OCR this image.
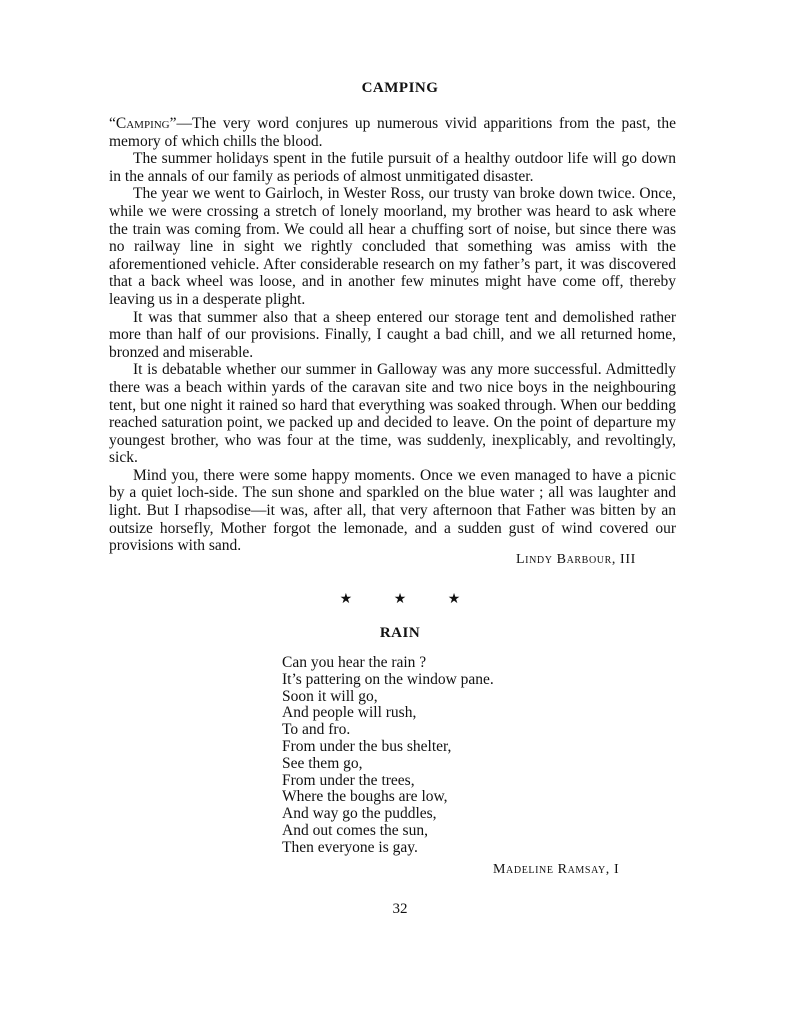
CAMPING

“Camping”—The very word conjures up numerous vivid apparitions from the past, the memory of which chills the blood.

The summer holidays spent in the futile pursuit of a healthy outdoor life will go down in the annals of our family as periods of almost unmitigated disaster.

The year we went to Gairloch, in Wester Ross, our trusty van broke down twice. Once, while we were crossing a stretch of lonely moorland, my brother was heard to ask where the train was coming from. We could all hear a chuffing sort of noise, but since there was no railway line in sight we rightly concluded that something was amiss with the aforementioned vehicle. After considerable research on my father’s part, it was discovered that a back wheel was loose, and in another few minutes might have come off, thereby leaving us in a desperate plight.

It was that summer also that a sheep entered our storage tent and demolished rather more than half of our provisions. Finally, I caught a bad chill, and we all returned home, bronzed and miserable.

It is debatable whether our summer in Galloway was any more successful. Admittedly there was a beach within yards of the caravan site and two nice boys in the neighbouring tent, but one night it rained so hard that everything was soaked through. When our bedding reached saturation point, we packed up and decided to leave. On the point of departure my youngest brother, who was four at the time, was suddenly, inexplicably, and revoltingly, sick.

Mind you, there were some happy moments. Once we even managed to have a picnic by a quiet loch-side. The sun shone and sparkled on the blue water ; all was laughter and light. But I rhapsodise—it was, after all, that very afternoon that Father was bitten by an outsize horsefly, Mother forgot the lemonade, and a sudden gust of wind covered our provisions with sand.

Lindy Barbour, III
★	★	★
RAIN
Can you hear the rain ?
It’s pattering on the window pane.
Soon it will go,
And people will rush,
To and fro.
From under the bus shelter,
See them go,
From under the trees,
Where the boughs are low,
And way go the puddles,
And out comes the sun,
Then everyone is gay.
Madeline Ramsay, I
32
